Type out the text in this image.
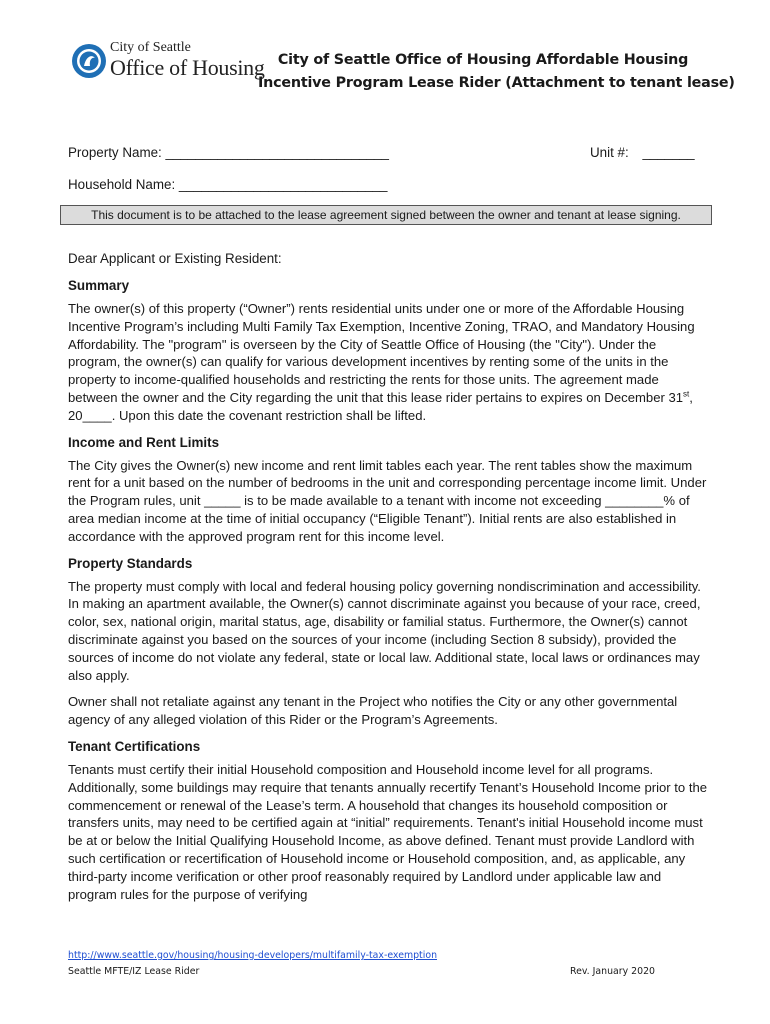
City of Seattle
Office of Housing City of Seattle Office of Housing Affordable Housing
Incentive Program Lease Rider (Attachment to tenant lease)
Property Name: ______________________________	Unit #: _______
Household Name: ____________________________
This document is to be attached to the lease agreement signed between the owner and tenant at lease signing.
Dear Applicant or Existing Resident:
Summary

The owner(s) of this property (“Owner”) rents residential units under one or more of the Affordable Housing Incentive Program’s including Multi Family Tax Exemption, Incentive Zoning, TRAO, and Mandatory Housing Affordability. The "program" is overseen by the City of Seattle Office of Housing (the "City"). Under the program, the owner(s) can qualify for various development incentives by renting some of the units in the property to income-qualified households and restricting the rents for those units. The agreement made between the owner and the City regarding the unit that this lease rider pertains to expires on December 31st, 20____. Upon this date the covenant restriction shall be lifted.

Income and Rent Limits

The City gives the Owner(s) new income and rent limit tables each year. The rent tables show the maximum rent for a unit based on the number of bedrooms in the unit and corresponding percentage income limit. Under the Program rules, unit _____ is to be made available to a tenant with income not exceeding ________% of area median income at the time of initial occupancy (“Eligible Tenant”). Initial rents are also established in accordance with the approved program rent for this income level.

Property Standards

The property must comply with local and federal housing policy governing nondiscrimination and accessibility. In making an apartment available, the Owner(s) cannot discriminate against you because of your race, creed, color, sex, national origin, marital status, age, disability or familial status. Furthermore, the Owner(s) cannot discriminate against you based on the sources of your income (including Section 8 subsidy), provided the sources of income do not violate any federal, state or local law. Additional state, local laws or ordinances may also apply.

Owner shall not retaliate against any tenant in the Project who notifies the City or any other governmental agency of any alleged violation of this Rider or the Program’s Agreements.

Tenant Certifications

Tenants must certify their initial Household composition and Household income level for all programs. Additionally, some buildings may require that tenants annually recertify Tenant’s Household Income prior to the commencement or renewal of the Lease’s term. A household that changes its household composition or transfers units, may need to be certified again at “initial” requirements. Tenant's initial Household income must be at or below the Initial Qualifying Household Income, as above defined. Tenant must provide Landlord with such certification or recertification of Household income or Household composition, and, as applicable, any third-party income verification or other proof reasonably required by Landlord under applicable law and program rules for the purpose of verifying

http://www.seattle.gov/housing/housing-developers/multifamily-tax-exemption
Seattle MFTE/IZ Lease Rider	Rev. January 2020
